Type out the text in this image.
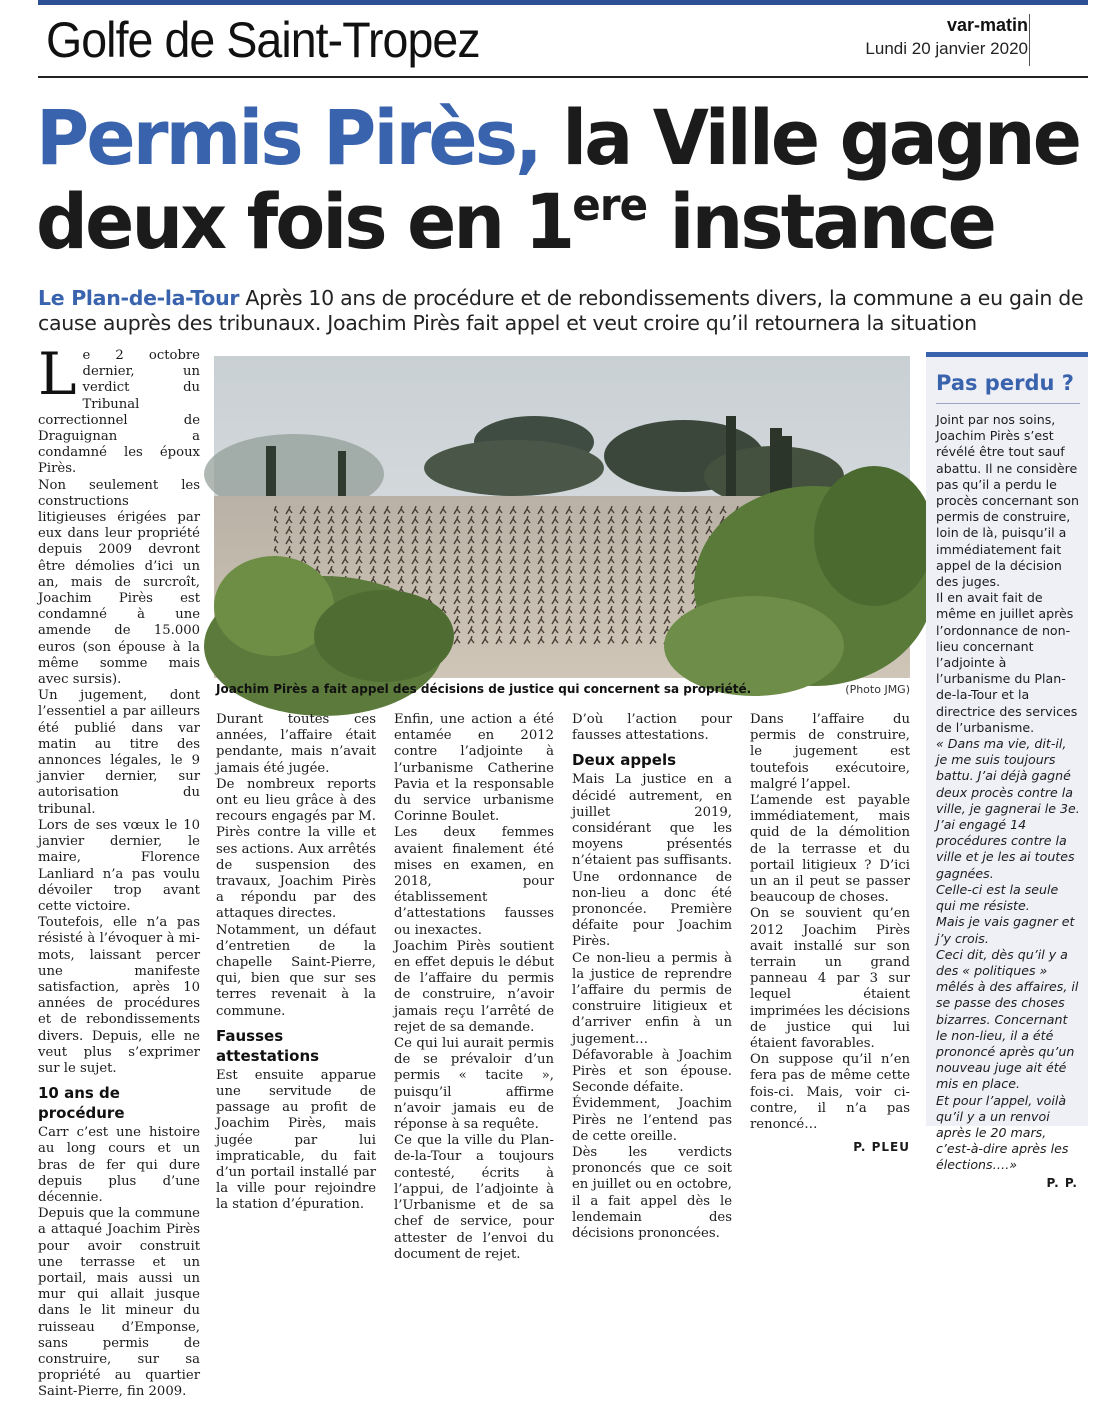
Golfe de Saint-Tropez	var-matin
Lundi 20 janvier 2020
Permis Pirès, la Ville gagne
deux fois en 1ere instance
Le Plan-de-la-Tour Après 10 ans de procédure et de rebondissements divers, la commune a eu gain de cause auprès des tribunaux. Joachim Pirès fait appel et veut croire qu’il retournera la situation
Joachim Pirès a fait appel des décisions de justice qui concernent sa propriété.	(Photo JMG)

Le 2 octobre dernier, un verdict du Tribunal correctionnel de Draguignan a condamné les époux Pirès.

Non seulement les constructions litigieuses érigées par eux dans leur propriété depuis 2009 devront être démolies d’ici un an, mais de surcroît, Joachim Pirès est condamné à une amende de 15.000 euros (son épouse à la même somme mais avec sursis).

Un jugement, dont l’essentiel a par ailleurs été publié dans var matin au titre des annonces légales, le 9 janvier dernier, sur autorisation du tribunal.

Lors de ses vœux le 10 janvier dernier, le maire, Florence Lanliard n’a pas voulu dévoiler trop avant cette victoire.

Toutefois, elle n’a pas résisté à l’évoquer à mi-mots, laissant percer une manifeste satisfaction, après 10 années de procédures et de rebondissements divers. Depuis, elle ne veut plus s’exprimer sur le sujet.

10 ans de procédure

Carr c’est une histoire au long cours et un bras de fer qui dure depuis plus d’une décennie.

Depuis que la commune a attaqué Joachim Pirès pour avoir construit une terrasse et un portail, mais aussi un mur qui allait jusque dans le lit mineur du ruisseau d’Emponse, sans permis de construire, sur sa propriété au quartier Saint-Pierre, fin 2009.

Durant toutes ces années, l’affaire était pendante, mais n’avait jamais été jugée.

De nombreux reports ont eu lieu grâce à des recours engagés par M. Pirès contre la ville et ses actions. Aux arrêtés de suspension des travaux, Joachim Pirès a répondu par des attaques directes.

Notamment, un défaut d’entretien de la chapelle Saint-Pierre, qui, bien que sur ses terres revenait à la commune.

Fausses attestations

Est ensuite apparue une servitude de passage au profit de Joachim Pirès, mais jugée par lui impraticable, du fait d’un portail installé par la ville pour rejoindre la station d’épuration.

Enfin, une action a été entamée en 2012 contre l’adjointe à l’urbanisme Catherine Pavia et la responsable du service urbanisme Corinne Boulet.

Les deux femmes avaient finalement été mises en examen, en 2018, pour établissement d’attestations fausses ou inexactes.

Joachim Pirès soutient en effet depuis le début de l’affaire du permis de construire, n’avoir jamais reçu l’arrêté de rejet de sa demande.

Ce qui lui aurait permis de se prévaloir d’un permis « tacite », puisqu’il affirme n’avoir jamais eu de réponse à sa requête.

Ce que la ville du Plan-de-la-Tour a toujours contesté, écrits à l’appui, de l’adjointe à l’Urbanisme et de sa chef de service, pour attester de l’envoi du document de rejet.

D’où l’action pour fausses attestations.

Deux appels

Mais La justice en a décidé autrement, en juillet 2019, considérant que les moyens présentés n’étaient pas suffisants. Une ordonnance de non-lieu a donc été prononcée. Première défaite pour Joachim Pirès.

Ce non-lieu a permis à la justice de reprendre l’affaire du permis de construire litigieux et d’arriver enfin à un jugement… Défavorable à Joachim Pirès et son épouse. Seconde défaite.

Évidemment, Joachim Pirès ne l’entend pas de cette oreille.

Dès les verdicts prononcés que ce soit en juillet ou en octobre, il a fait appel dès le lendemain des décisions prononcées.

Dans l’affaire du permis de construire, le jugement est toutefois exécutoire, malgré l’appel.

L’amende est payable immédiatement, mais quid de la démolition de la terrasse et du portail litigieux ? D’ici un an il peut se passer beaucoup de choses.

On se souvient qu’en 2012 Joachim Pirès avait installé sur son terrain un grand panneau 4 par 3 sur lequel étaient imprimées les décisions de justice qui lui étaient favorables.

On suppose qu’il n’en fera pas de même cette fois-ci. Mais, voir ci-contre, il n’a pas renoncé…

P. PLEU
Pas perdu ?

Joint par nos soins, Joachim Pirès s’est révélé être tout sauf abattu. Il ne considère pas qu’il a perdu le procès concernant son permis de construire, loin de là, puisqu’il a immédiatement fait appel de la décision des juges.

Il en avait fait de même en juillet après l’ordonnance de non-lieu concernant l’adjointe à l’urbanisme du Plan-de-la-Tour et la directrice des services de l’urbanisme.

« Dans ma vie, dit-il, je me suis toujours battu. J’ai déjà gagné deux procès contre la ville, je gagnerai le 3e. J’ai engagé 14 procédures contre la ville et je les ai toutes gagnées.

Celle-ci est la seule qui me résiste.

Mais je vais gagner et j’y crois.

Ceci dit, dès qu’il y a des « politiques » mêlés à des affaires, il se passe des choses bizarres. Concernant le non-lieu, il a été prononcé après qu’un nouveau juge ait été mis en place.

Et pour l’appel, voilà qu’il y a un renvoi après le 20 mars, c’est-à-dire après les élections….»

P. P.
